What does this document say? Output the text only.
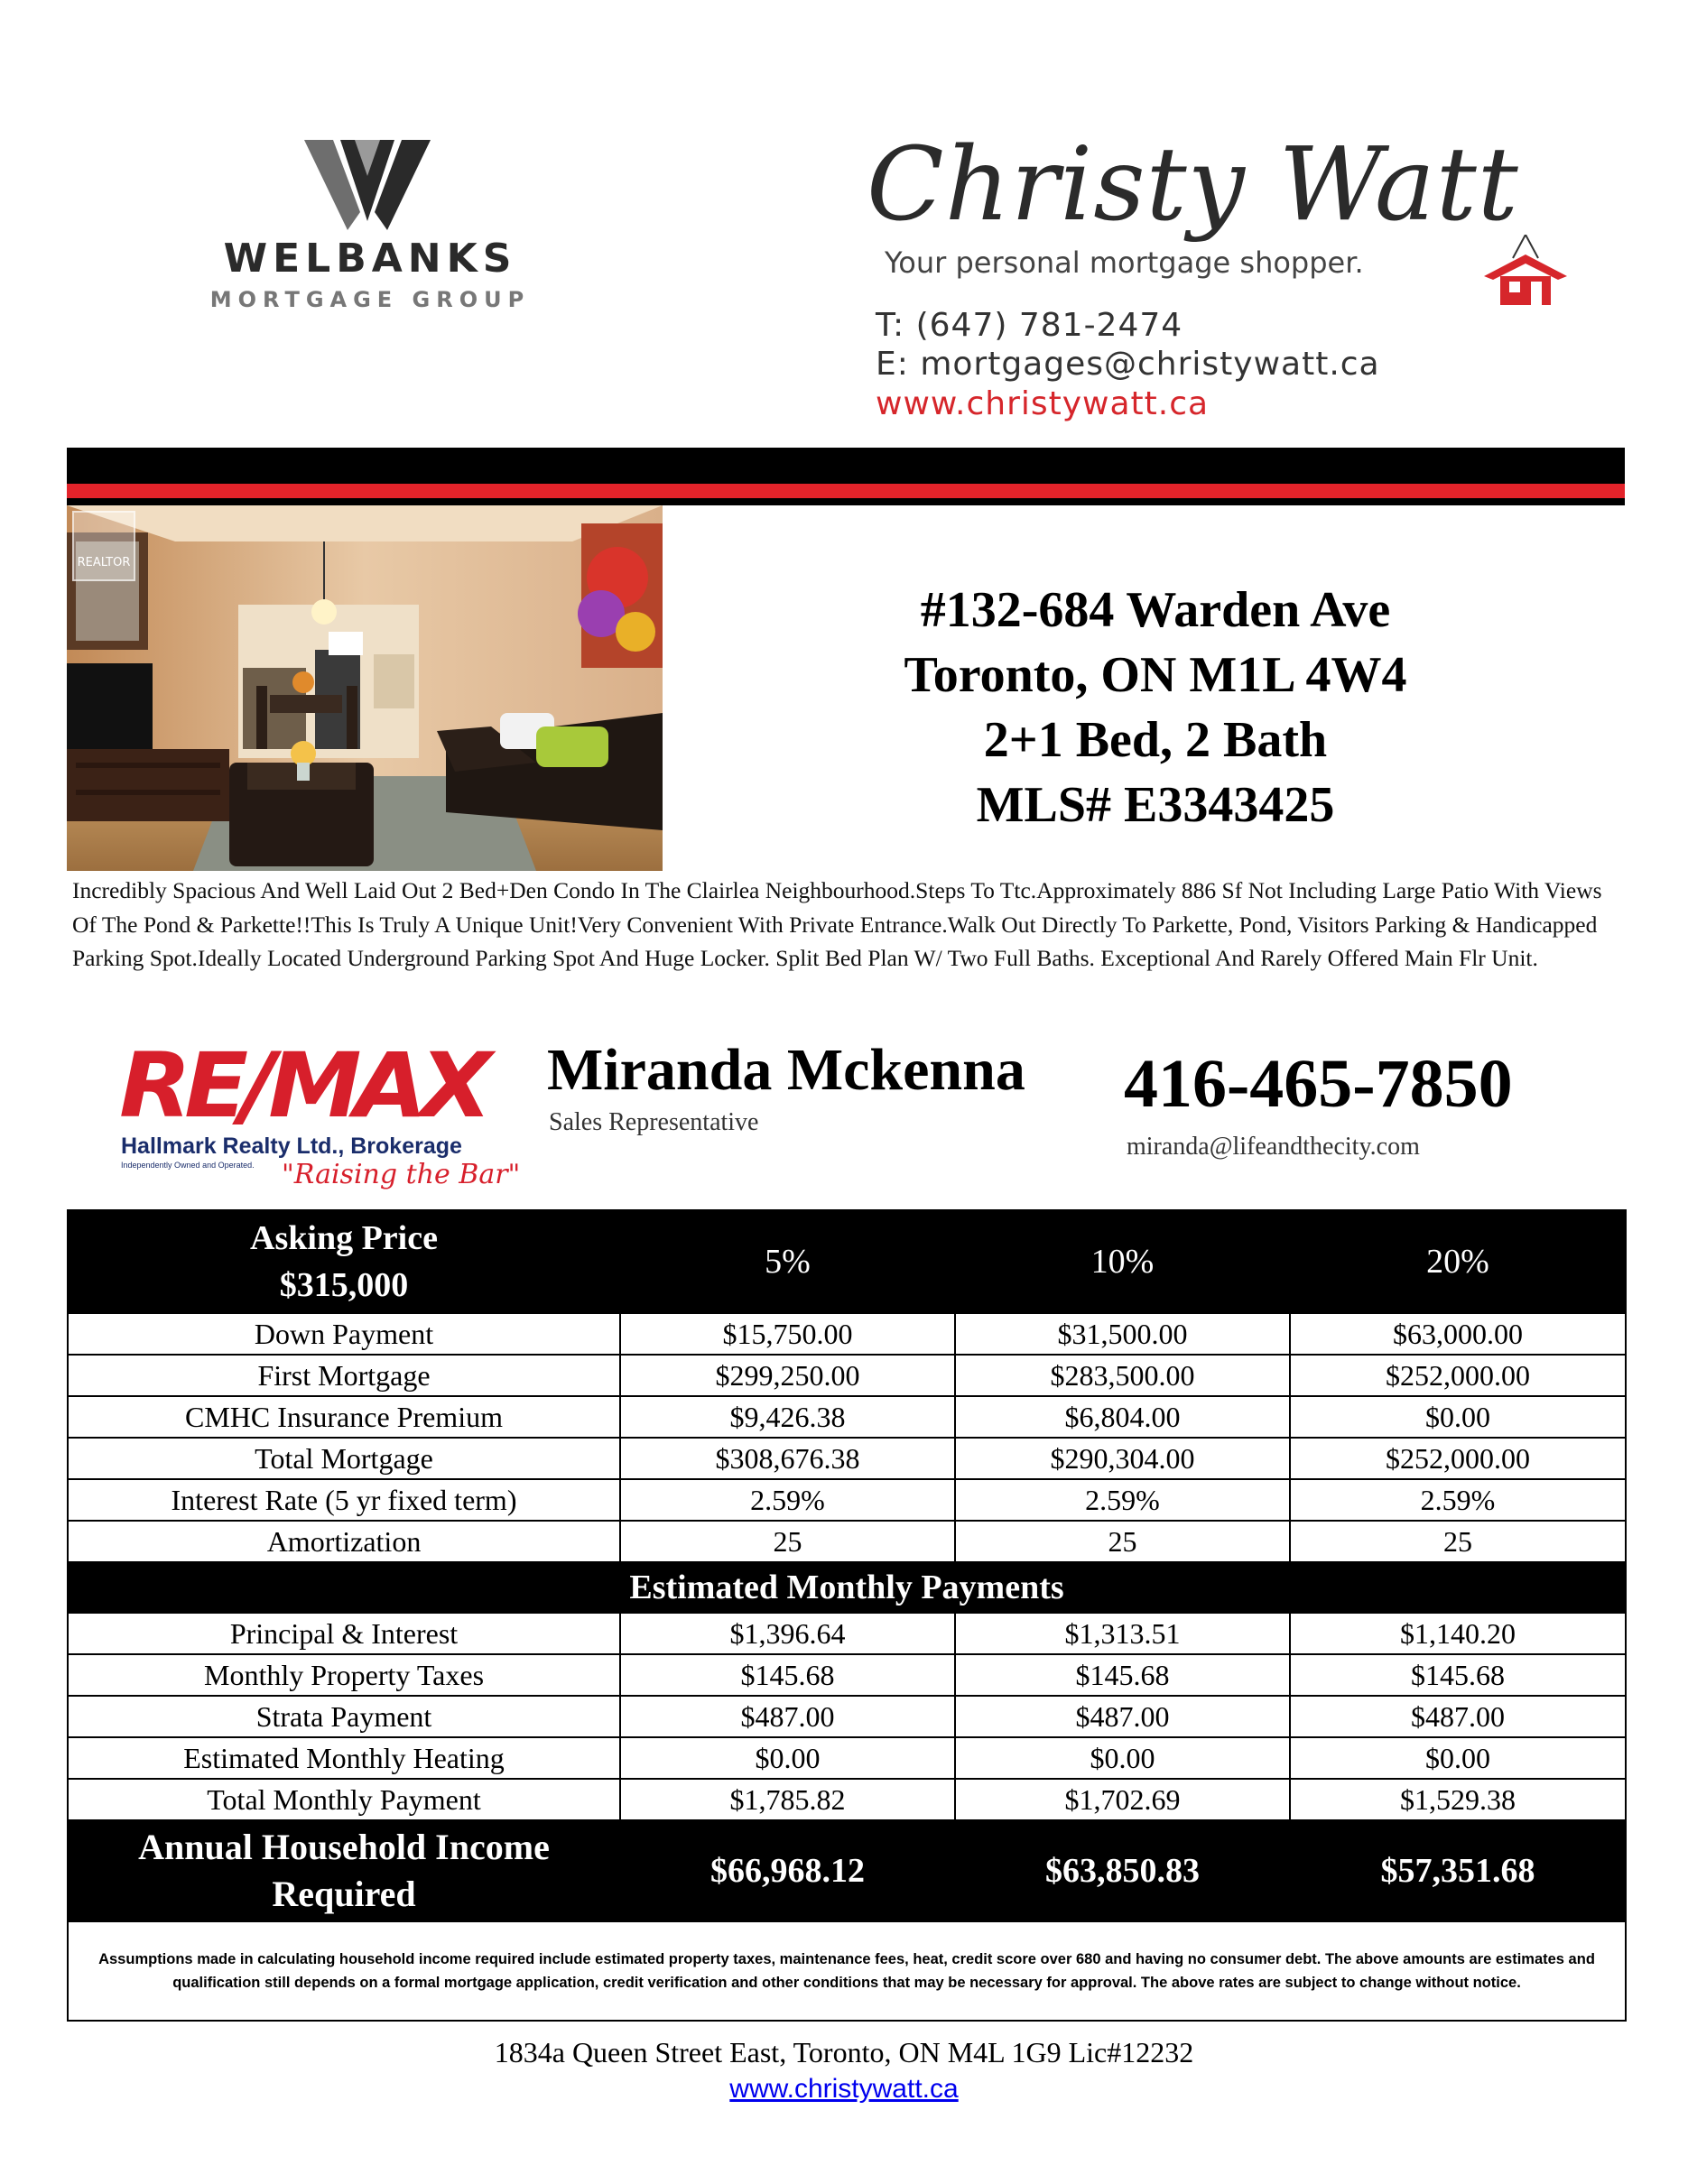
WELBANKS
MORTGAGE GROUP
Christy Watt
Your personal mortgage shopper.
T: (647) 781-2474
E: mortgages@christywatt.ca
www.christywatt.ca
REALTOR
#132-684 Warden Ave
Toronto, ON M1L 4W4
2+1 Bed, 2 Bath
MLS# E3343425
Incredibly Spacious And Well Laid Out 2 Bed+Den Condo In The Clairlea Neighbourhood.Steps To Ttc.Approximately 886 Sf Not Including Large Patio With Views Of The Pond & Parkette!!This Is Truly A Unique Unit!Very Convenient With Private Entrance.Walk Out Directly To Parkette, Pond, Visitors Parking & Handicapped Parking Spot.Ideally Located Underground Parking Spot And Huge Locker. Split Bed Plan W/ Two Full Baths. Exceptional And Rarely Offered Main Flr Unit.
RE/MAX
Hallmark Realty Ltd., Brokerage
Independently Owned and Operated. "Raising the Bar"
Miranda Mckenna
Sales Representative
416-465-7850
miranda@lifeandthecity.com
Asking Price
$315,000	5%	10%	20%
Down Payment	$15,750.00	$31,500.00	$63,000.00
First Mortgage	$299,250.00	$283,500.00	$252,000.00
CMHC Insurance Premium	$9,426.38	$6,804.00	$0.00
Total Mortgage	$308,676.38	$290,304.00	$252,000.00
Interest Rate (5 yr fixed term)	2.59%	2.59%	2.59%
Amortization	25	25	25
Estimated Monthly Payments			
Principal & Interest	$1,396.64	$1,313.51	$1,140.20
Monthly Property Taxes	$145.68	$145.68	$145.68
Strata Payment	$487.00	$487.00	$487.00
Estimated Monthly Heating	$0.00	$0.00	$0.00
Total Monthly Payment	$1,785.82	$1,702.69	$1,529.38
Annual Household Income Required	$66,968.12	$63,850.83	$57,351.68
Assumptions made in calculating household income required include estimated property taxes, maintenance fees, heat, credit score over 680 and having no consumer debt. The above amounts are estimates and qualification still depends on a formal mortgage application, credit verification and other conditions that may be necessary for approval. The above rates are subject to change without notice.			
1834a Queen Street East, Toronto, ON M4L 1G9 Lic#12232
www.christywatt.ca
